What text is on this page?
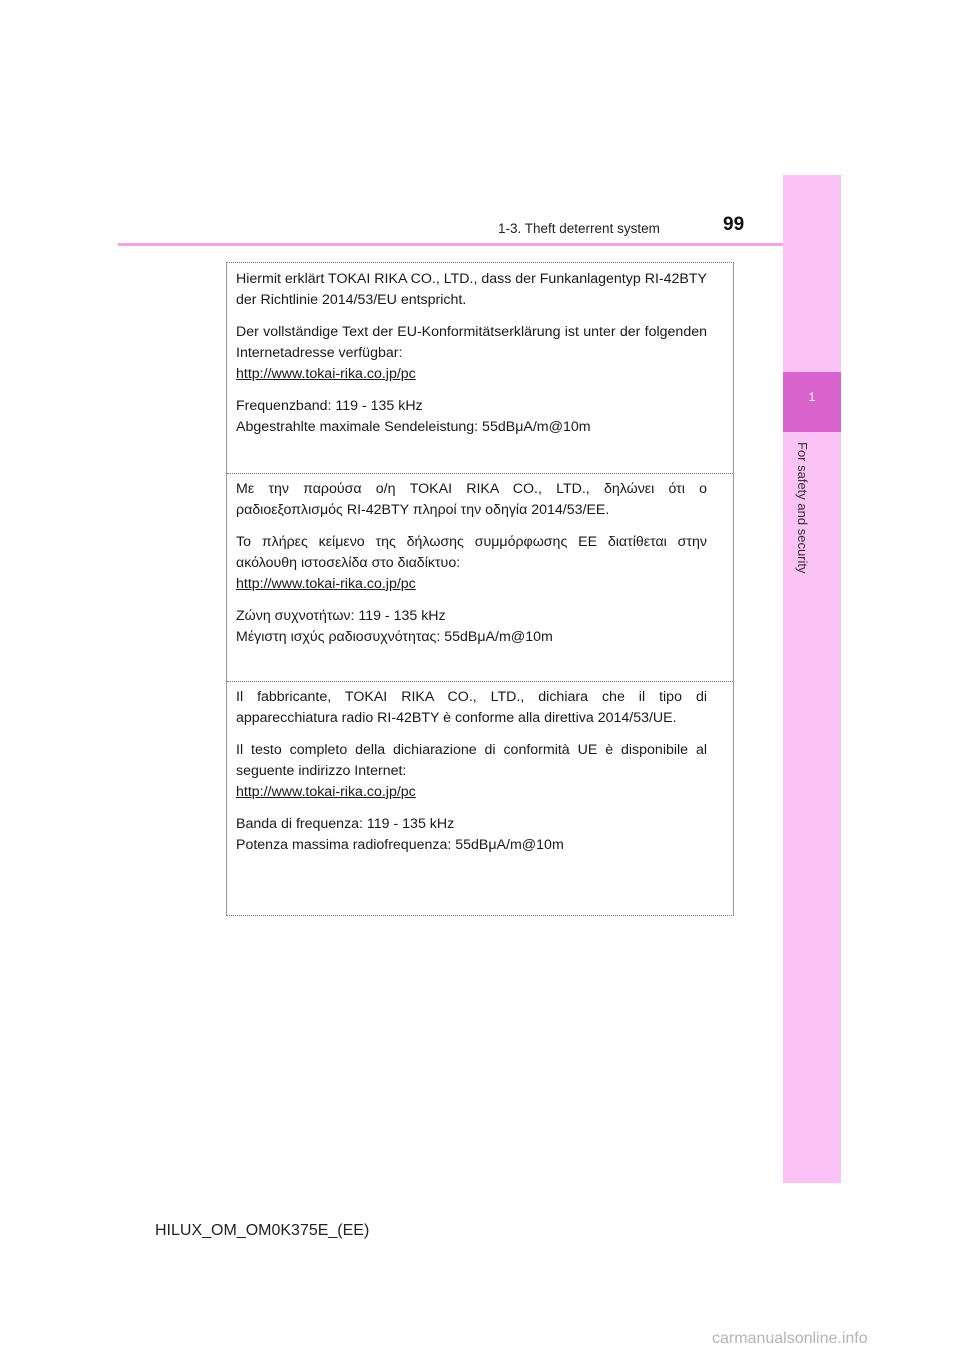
1-3. Theft deterrent system	99
1
For safety and security

Hiermit erklärt TOKAI RIKA CO., LTD., dass der Funkanlagentyp RI-42BTY der Richtlinie 2014/53/EU entspricht.

Der vollständige Text der EU-Konformitätserklärung ist unter der folgenden Internetadresse verfügbar:

http://www.tokai-rika.co.jp/pc
Frequenzband: 119 - 135 kHz
Abgestrahlte maximale Sendeleistung: 55dBμA/m@10m

Με την παρούσα ο/η TOKAI RIKA CO., LTD., δηλώνει ότι ο ραδιοεξοπλισμός RI-42BTY πληροί την οδηγία 2014/53/ΕΕ.

Το πλήρες κείμενο της δήλωσης συμμόρφωσης ΕΕ διατίθεται στην ακόλουθη ιστοσελίδα στο διαδίκτυο:

http://www.tokai-rika.co.jp/pc
Ζώνη συχνοτήτων: 119 - 135 kHz
Μέγιστη ισχύς ραδιοσυχνότητας: 55dBμA/m@10m

Il fabbricante, TOKAI RIKA CO., LTD., dichiara che il tipo di apparecchiatura radio RI-42BTY è conforme alla direttiva 2014/53/UE.

Il testo completo della dichiarazione di conformità UE è disponibile al seguente indirizzo Internet:

http://www.tokai-rika.co.jp/pc
Banda di frequenza: 119 - 135 kHz
Potenza massima radiofrequenza: 55dBμA/m@10m
HILUX_OM_OM0K375E_(EE)
carmanualsonline.info
